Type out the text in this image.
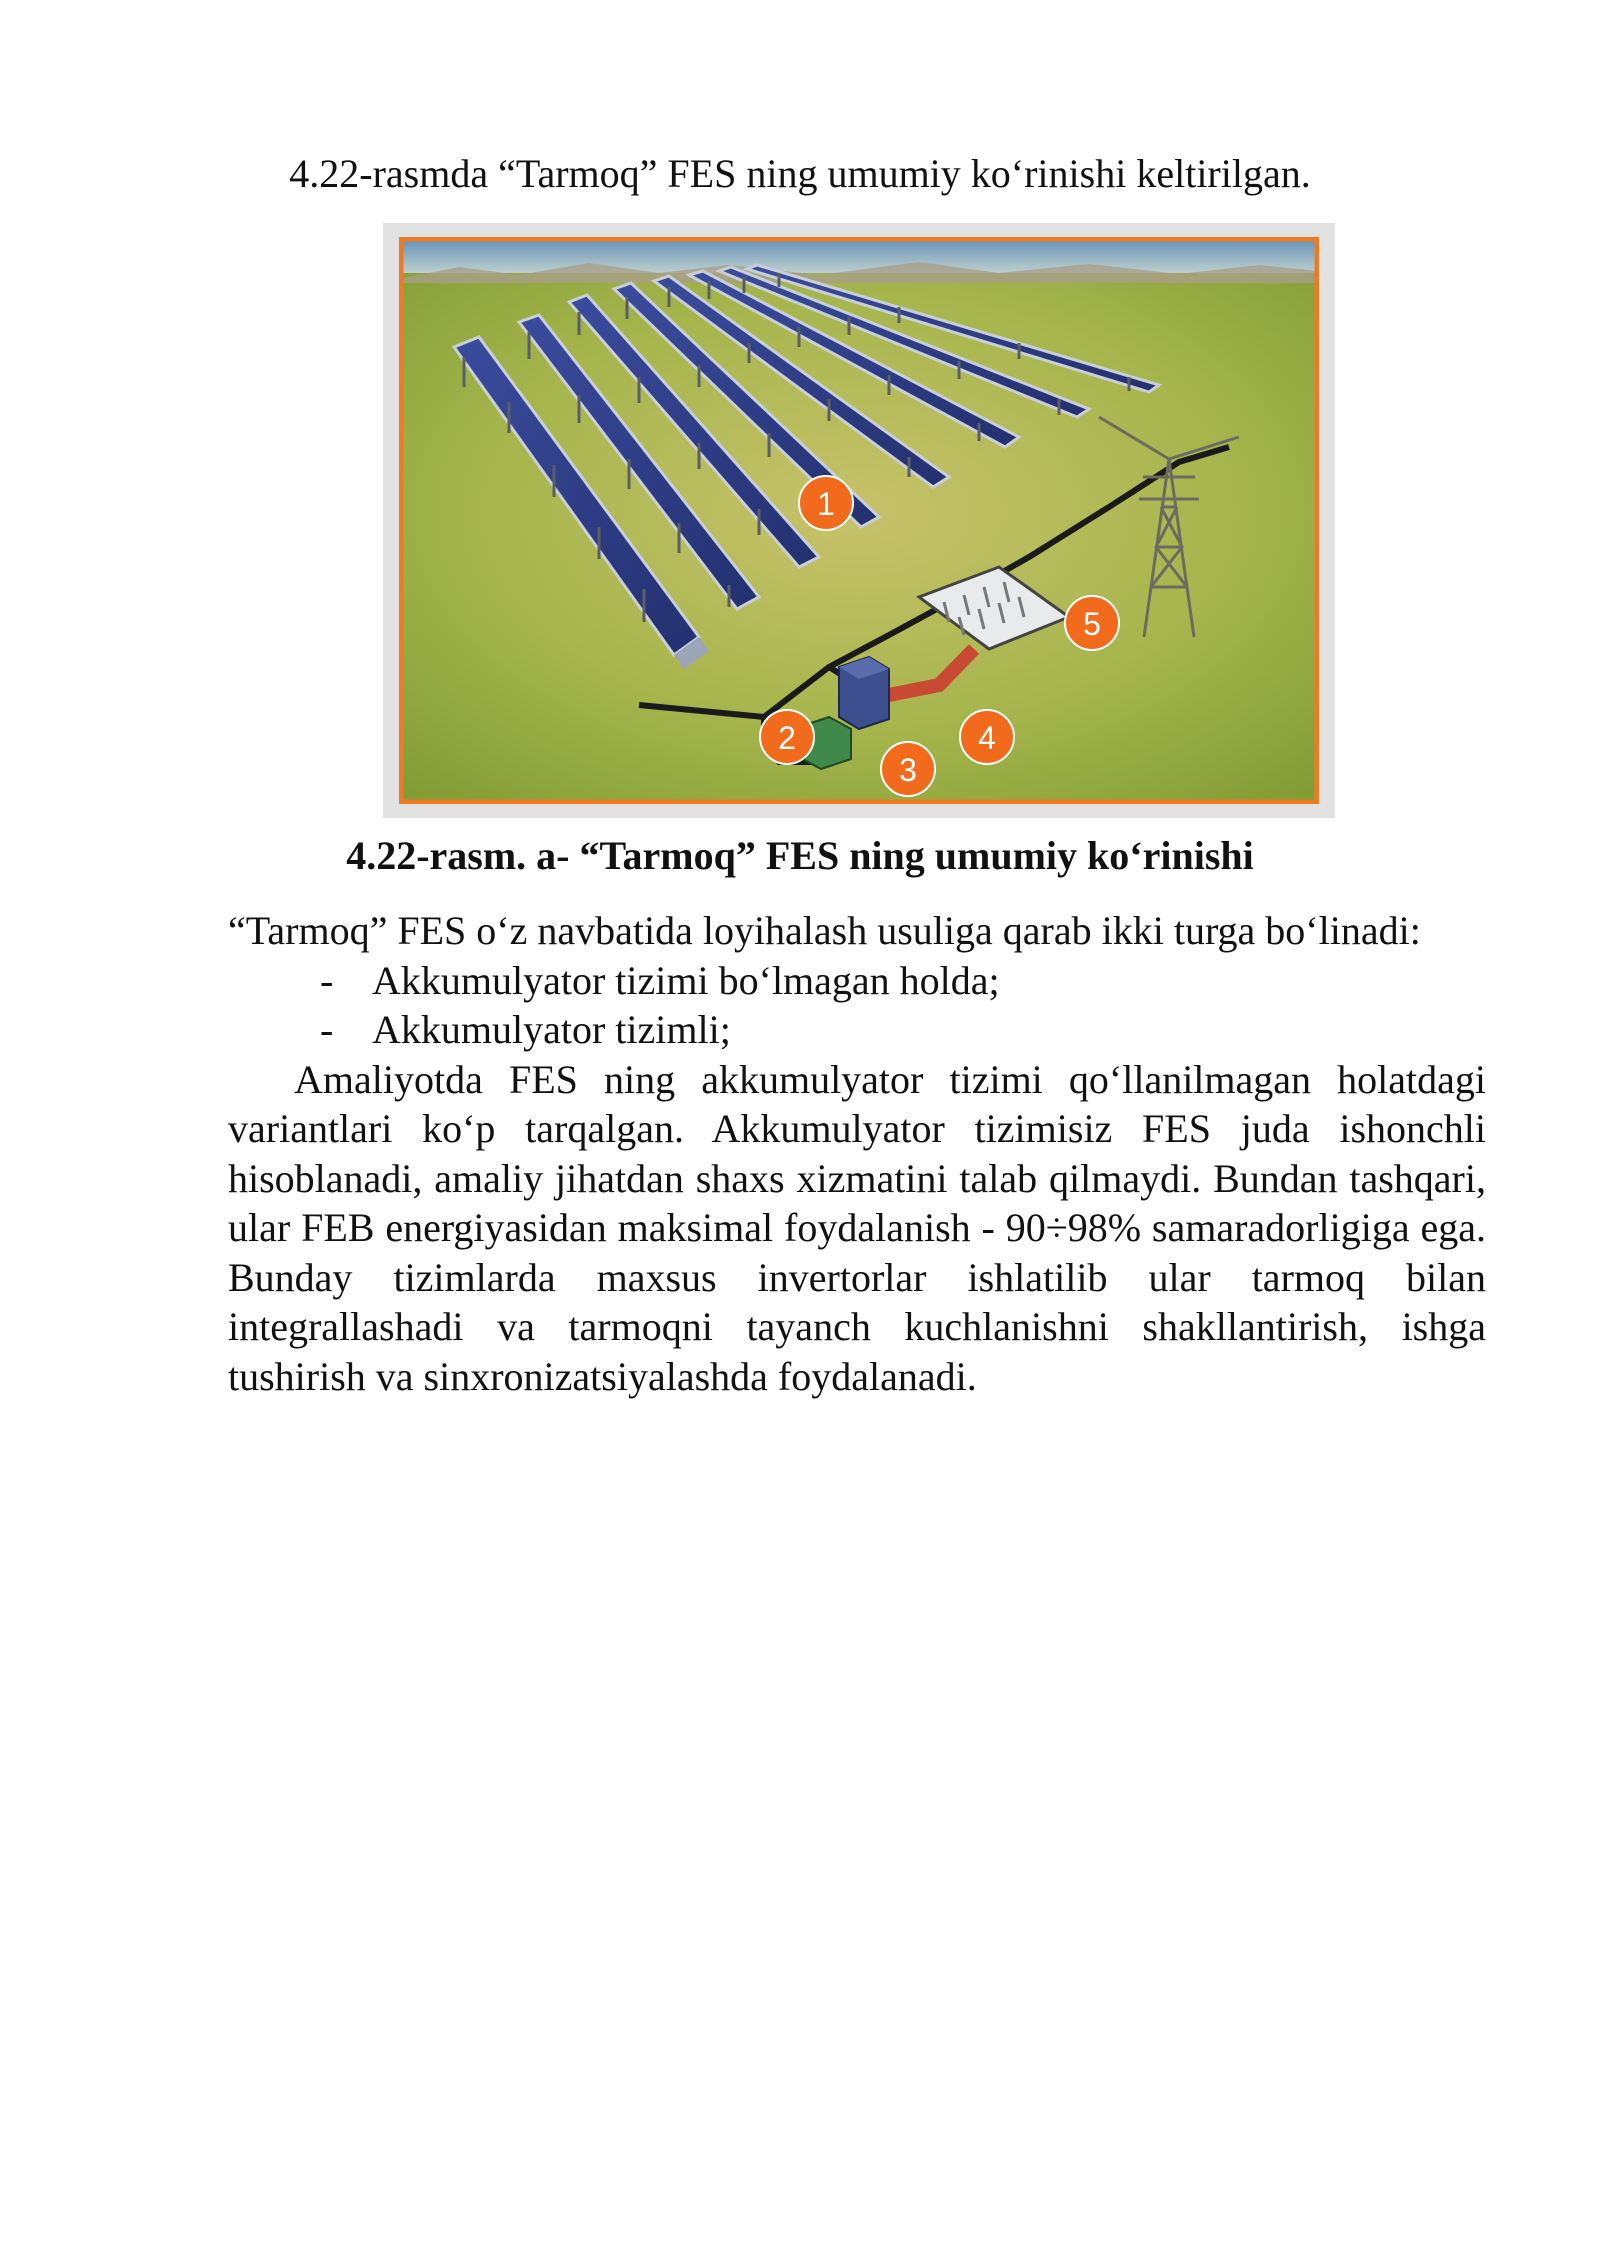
4.22-rasmda “Tarmoq” FES ning umumiy ko‘rinishi keltirilgan.

1
2
3
4
5

4.22-rasm. a- “Tarmoq” FES ning umumiy ko‘rinishi

“Tarmoq” FES o‘z navbatida loyihalash usuliga qarab ikki turga bo‘linadi:

- Akkumulyator tizimi bo‘lmagan holda;
- Akkumulyator tizimli;

Amaliyotda FES ning akkumulyator tizimi qo‘llanilmagan holatdagi variantlari ko‘p tarqalgan. Akkumulyator tizimisiz FES juda ishonchli hisoblanadi, amaliy jihatdan shaxs xizmatini talab qilmaydi. Bundan tashqari, ular FEB energiyasidan maksimal foydalanish - 90÷98% samaradorligiga ega. Bunday tizimlarda maxsus invertorlar ishlatilib ular tarmoq bilan integrallashadi va tarmoqni tayanch kuchlanishni shakllantirish, ishga tushirish va sinxronizatsiyalashda foydalanadi.
